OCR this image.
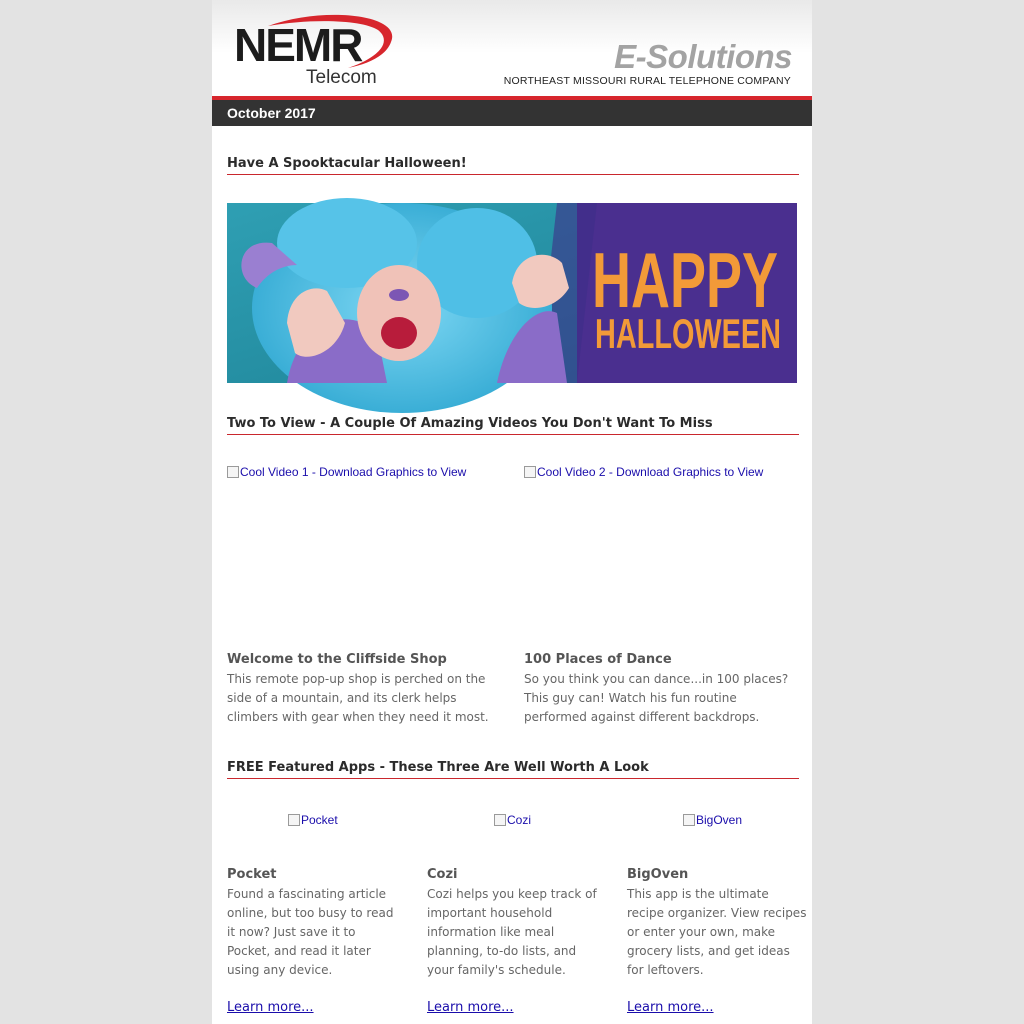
NEMR
Telecom
E-Solutions
NORTHEAST MISSOURI RURAL TELEPHONE COMPANY
October 2017
Have A Spooktacular Halloween!
HAPPY
HALLOWEEN
Two To View - A Couple Of Amazing Videos You Don't Want To Miss
Cool Video 1 - Download Graphics to View	Cool Video 2 - Download Graphics to View
Welcome to the Cliffside Shop
This remote pop-up shop is perched on the
side of a mountain, and its clerk helps
climbers with gear when they need it most.
100 Places of Dance
So you think you can dance...in 100 places?
This guy can! Watch his fun routine
performed against different backdrops.
FREE Featured Apps - These Three Are Well Worth A Look
Pocket	Cozi	BigOven
Pocket
Found a fascinating article
online, but too busy to read
it now? Just save it to
Pocket, and read it later
using any device.
Learn more...
Cozi
Cozi helps you keep track of
important household
information like meal
planning, to-do lists, and
your family's schedule.
Learn more...
BigOven
This app is the ultimate
recipe organizer. View recipes
or enter your own, make
grocery lists, and get ideas
for leftovers.
Learn more...
